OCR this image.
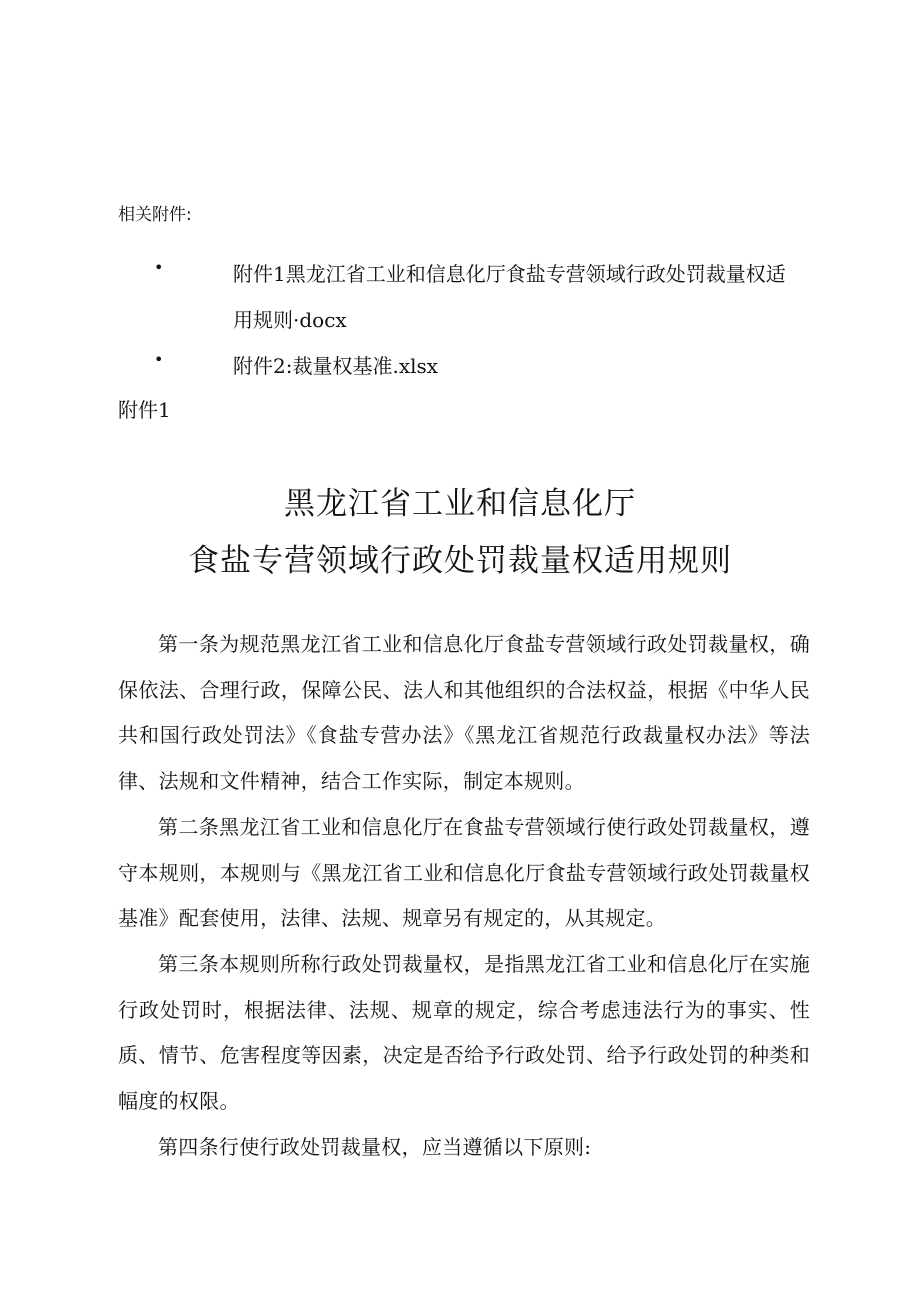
相关附件:
•	附件1黑龙江省工业和信息化厅食盐专营领域行政处罚裁量权适用规则·docx
•	附件2:裁量权基准.xlsx
附件1
黑龙江省工业和信息化厅
食盐专营领域行政处罚裁量权适用规则

第一条为规范黑龙江省工业和信息化厅食盐专营领域行政处罚裁量权，确保依法、合理行政，保障公民、法人和其他组织的合法权益，根据《中华人民共和国行政处罚法》《食盐专营办法》《黑龙江省规范行政裁量权办法》等法律、法规和文件精神，结合工作实际，制定本规则。

第二条黑龙江省工业和信息化厅在食盐专营领域行使行政处罚裁量权，遵守本规则，本规则与《黑龙江省工业和信息化厅食盐专营领域行政处罚裁量权基准》配套使用，法律、法规、规章另有规定的，从其规定。

第三条本规则所称行政处罚裁量权，是指黑龙江省工业和信息化厅在实施行政处罚时，根据法律、法规、规章的规定，综合考虑违法行为的事实、性质、情节、危害程度等因素，决定是否给予行政处罚、给予行政处罚的种类和幅度的权限。

第四条行使行政处罚裁量权，应当遵循以下原则:
